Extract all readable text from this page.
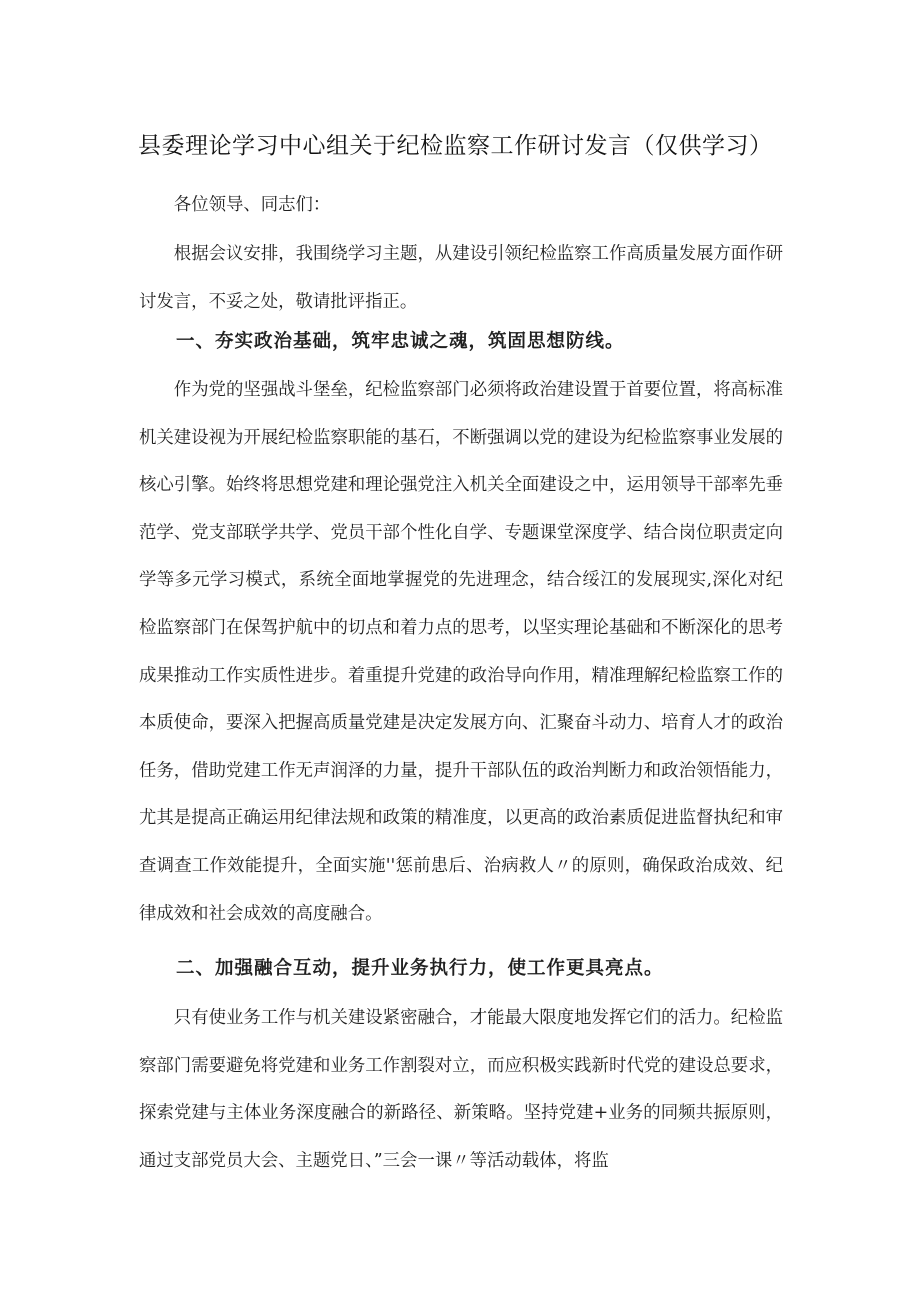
县委理论学习中心组关于纪检监察工作研讨发言（仅供学习）

各位领导、同志们：

根据会议安排，我围绕学习主题，从建设引领纪检监察工作高质量发展方面作研讨发言，不妥之处，敬请批评指正。

一、夯实政治基础，筑牢忠诚之魂，筑固思想防线。

作为党的坚强战斗堡垒，纪检监察部门必须将政治建设置于首要位置，将高标准机关建设视为开展纪检监察职能的基石，不断强调以党的建设为纪检监察事业发展的核心引擎。始终将思想党建和理论强党注入机关全面建设之中，运用领导干部率先垂范学、党支部联学共学、党员干部个性化自学、专题课堂深度学、结合岗位职责定向学等多元学习模式，系统全面地掌握党的先进理念，结合绥江的发展现实,深化对纪检监察部门在保驾护航中的切点和着力点的思考，以坚实理论基础和不断深化的思考成果推动工作实质性进步。着重提升党建的政治导向作用，精准理解纪检监察工作的本质使命，要深入把握高质量党建是决定发展方向、汇聚奋斗动力、培育人才的政治任务，借助党建工作无声润泽的力量，提升干部队伍的政治判断力和政治领悟能力，尤其是提高正确运用纪律法规和政策的精准度，以更高的政治素质促进监督执纪和审查调查工作效能提升，全面实施''惩前患后、治病救人〃的原则，确保政治成效、纪律成效和社会成效的高度融合。

二、加强融合互动，提升业务执行力，使工作更具亮点。

只有使业务工作与机关建设紧密融合，才能最大限度地发挥它们的活力。纪检监察部门需要避免将党建和业务工作割裂对立，而应积极实践新时代党的建设总要求，探索党建与主体业务深度融合的新路径、新策略。坚持党建+业务的同频共振原则，通过支部党员大会、主题党日、”三会一课〃等活动载体，将监
